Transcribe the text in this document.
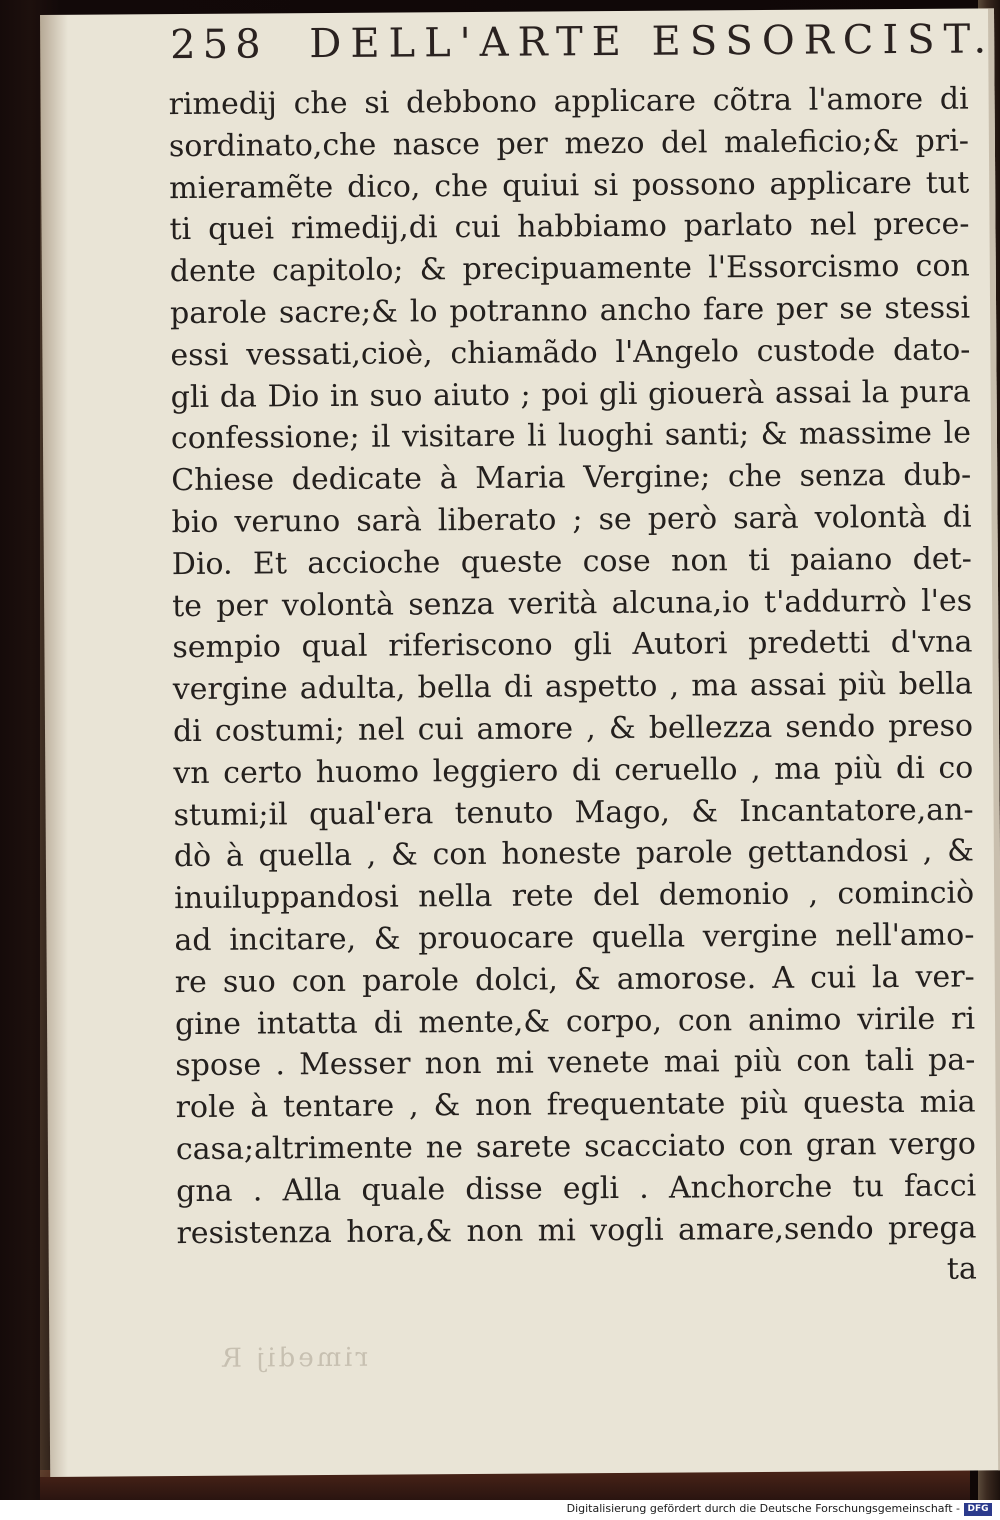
258 DELL'ARTE ESSORCIST.
rimedij che si debbono applicare cõtra l'amore di
sordinato,che nasce per mezo del maleficio;& pri-
mieramẽte dico, che quiui si possono applicare tut
ti quei rimedij,di cui habbiamo parlato nel prece-
dente capitolo; & precipuamente l'Essorcismo con
parole sacre;& lo potranno ancho fare per se stessi
essi vessati,cioè, chiamãdo l'Angelo custode dato-
gli da Dio in suo aiuto ; poi gli giouerà assai la pura
confessione; il visitare li luoghi santi; & massime le
Chiese dedicate à Maria Vergine; che senza dub-
bio veruno sarà liberato ; se però sarà volontà di
Dio. Et accioche queste cose non ti paiano det-
te per volontà senza verità alcuna,io t'addurrò l'es
sempio qual riferiscono gli Autori predetti d'vna
vergine adulta, bella di aspetto , ma assai più bella
di costumi; nel cui amore , & bellezza sendo preso
vn certo huomo leggiero di ceruello , ma più di co
stumi;il qual'era tenuto Mago, & Incantatore,an-
dò à quella , & con honeste parole gettandosi , &
inuiluppandosi nella rete del demonio , cominciò
ad incitare, & prouocare quella vergine nell'amo-
re suo con parole dolci, & amorose. A cui la ver-
gine intatta di mente,& corpo, con animo virile ri
spose . Messer non mi venete mai più con tali pa-
role à tentare , & non frequentate più questa mia
casa;altrimente ne sarete scacciato con gran vergo
gna . Alla quale disse egli . Anchorche tu facci
resistenza hora,& non mi vogli amare,sendo prega
ta
rimedij R
Digitalisierung gefördert durch die Deutsche Forschungsgemeinschaft - DFG
